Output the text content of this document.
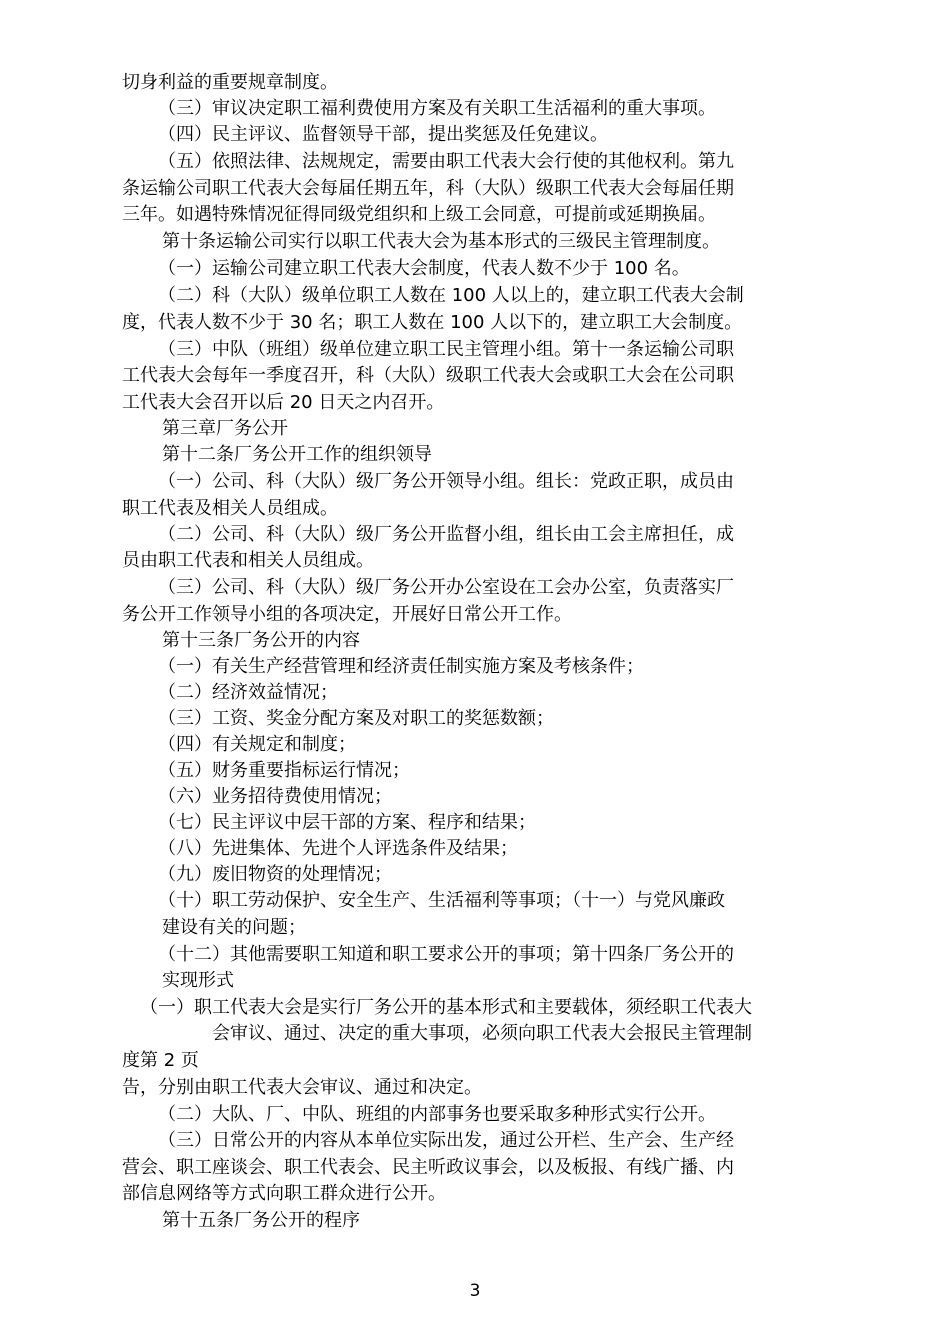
切身利益的重要规章制度。
（三）审议决定职工福利费使用方案及有关职工生活福利的重大事项。
（四）民主评议、监督领导干部，提出奖惩及任免建议。
（五）依照法律、法规规定，需要由职工代表大会行使的其他权利。第九
条运输公司职工代表大会每届任期五年，科（大队）级职工代表大会每届任期
三年。如遇特殊情况征得同级党组织和上级工会同意，可提前或延期换届。
第十条运输公司实行以职工代表大会为基本形式的三级民主管理制度。
（一）运输公司建立职工代表大会制度，代表人数不少于 100 名。
（二）科（大队）级单位职工人数在 100 人以上的，建立职工代表大会制
度，代表人数不少于 30 名；职工人数在 100 人以下的，建立职工大会制度。
（三）中队（班组）级单位建立职工民主管理小组。第十一条运输公司职
工代表大会每年一季度召开，科（大队）级职工代表大会或职工大会在公司职
工代表大会召开以后 20 日天之内召开。
第三章厂务公开
第十二条厂务公开工作的组织领导
（一）公司、科（大队）级厂务公开领导小组。组长：党政正职，成员由
职工代表及相关人员组成。
（二）公司、科（大队）级厂务公开监督小组，组长由工会主席担任，成
员由职工代表和相关人员组成。
（三）公司、科（大队）级厂务公开办公室设在工会办公室，负责落实厂
务公开工作领导小组的各项决定，开展好日常公开工作。
第十三条厂务公开的内容
（一）有关生产经营管理和经济责任制实施方案及考核条件；
（二）经济效益情况；
（三）工资、奖金分配方案及对职工的奖惩数额；
（四）有关规定和制度；
（五）财务重要指标运行情况；
（六）业务招待费使用情况；
（七）民主评议中层干部的方案、程序和结果；
（八）先进集体、先进个人评选条件及结果；
（九）废旧物资的处理情况；
（十）职工劳动保护、安全生产、生活福利等事项；（十一）与党风廉政
建设有关的问题；
（十二）其他需要职工知道和职工要求公开的事项；第十四条厂务公开的
实现形式
（一）职工代表大会是实行厂务公开的基本形式和主要载体，须经职工代表大
会审议、通过、决定的重大事项，必须向职工代表大会报民主管理制
度第 2 页
告，分别由职工代表大会审议、通过和决定。
（二）大队、厂、中队、班组的内部事务也要采取多种形式实行公开。
（三）日常公开的内容从本单位实际出发，通过公开栏、生产会、生产经
营会、职工座谈会、职工代表会、民主听政议事会，以及板报、有线广播、内
部信息网络等方式向职工群众进行公开。
第十五条厂务公开的程序
3
